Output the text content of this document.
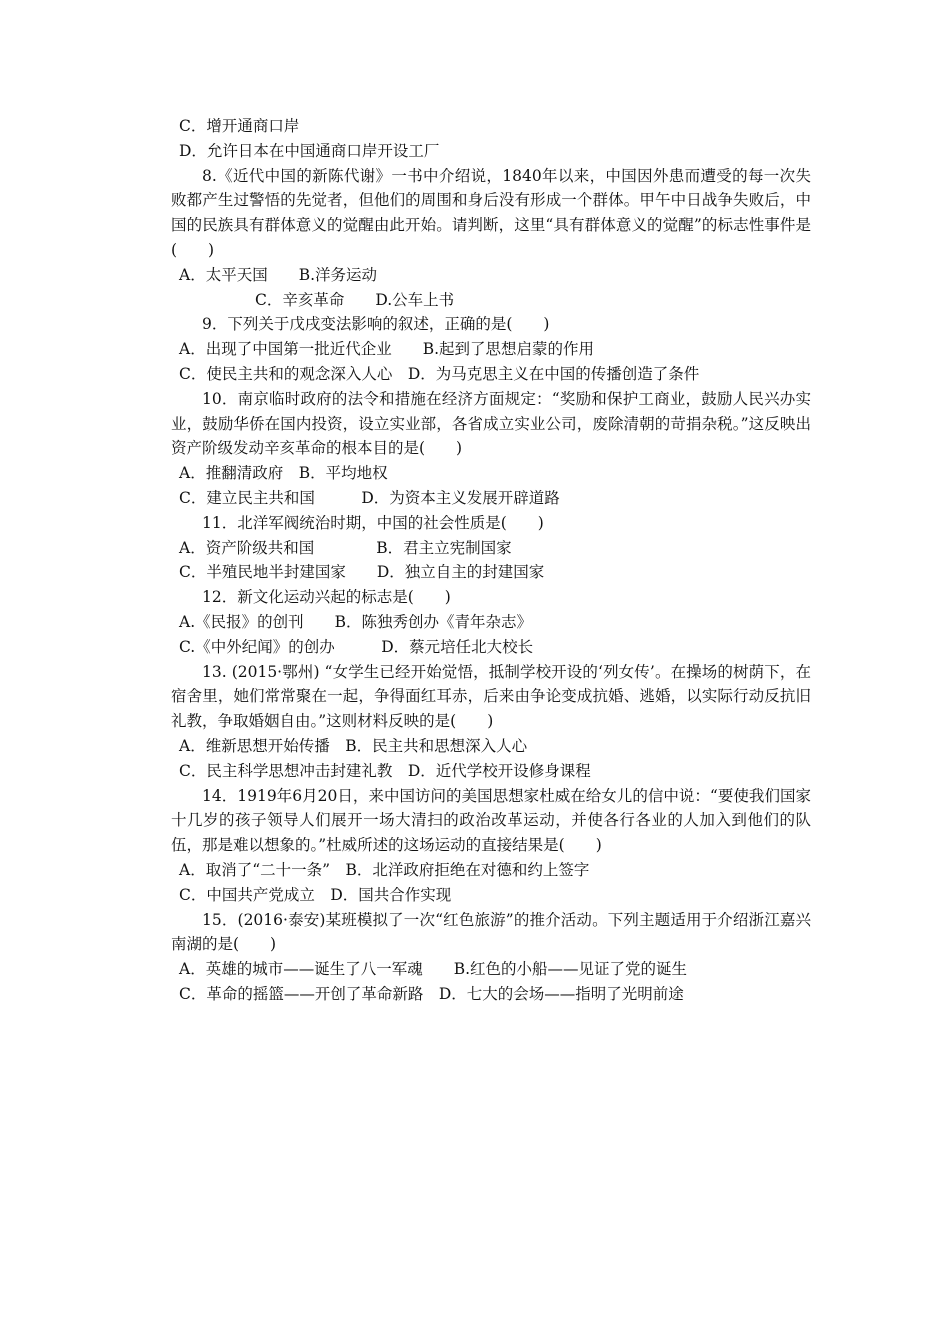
C．增开通商口岸
D．允许日本在中国通商口岸开设工厂
8.《近代中国的新陈代谢》一书中介绍说，1840年以来，中国因外患而遭受的每一次失败都产生过警悟的先觉者，但他们的周围和身后没有形成一个群体。甲午中日战争失败后，中国的民族具有群体意义的觉醒由此开始。请判断，这里“具有群体意义的觉醒”的标志性事件是(　　)
A．太平天国　　B.洋务运动
C．辛亥革命　　D.公车上书
9．下列关于戊戌变法影响的叙述，正确的是(　　)
A．出现了中国第一批近代企业　　B.起到了思想启蒙的作用
C．使民主共和的观念深入人心　D．为马克思主义在中国的传播创造了条件
10．南京临时政府的法令和措施在经济方面规定：“奖励和保护工商业，鼓励人民兴办实业，鼓励华侨在国内投资，设立实业部，各省成立实业公司，废除清朝的苛捐杂税。”这反映出资产阶级发动辛亥革命的根本目的是(　　)
A．推翻清政府　B．平均地权
C．建立民主共和国　　　D．为资本主义发展开辟道路
11．北洋军阀统治时期，中国的社会性质是(　　)
A．资产阶级共和国　　　　B．君主立宪制国家
C．半殖民地半封建国家　　D．独立自主的封建国家
12．新文化运动兴起的标志是(　　)
A.《民报》的创刊　　B．陈独秀创办《青年杂志》
C.《中外纪闻》的创办　　　D．蔡元培任北大校长
13. (2015·鄂州) “女学生已经开始觉悟，抵制学校开设的‘列女传’。在操场的树荫下，在宿舍里，她们常常聚在一起，争得面红耳赤，后来由争论变成抗婚、逃婚，以实际行动反抗旧礼教，争取婚姻自由。”这则材料反映的是(　　)
A．维新思想开始传播　B．民主共和思想深入人心
C．民主科学思想冲击封建礼教　D．近代学校开设修身课程
14．1919年6月20日，来中国访问的美国思想家杜威在给女儿的信中说：“要使我们国家十几岁的孩子领导人们展开一场大清扫的政治改革运动，并使各行各业的人加入到他们的队伍，那是难以想象的。”杜威所述的这场运动的直接结果是(　　)
A．取消了“二十一条”　B．北洋政府拒绝在对德和约上签字
C．中国共产党成立　D．国共合作实现
15．(2016·泰安)某班模拟了一次“红色旅游”的推介活动。下列主题适用于介绍浙江嘉兴南湖的是(　　)
A．英雄的城市——诞生了八一军魂　　B.红色的小船——见证了党的诞生
C．革命的摇篮——开创了革命新路　D．七大的会场——指明了光明前途
